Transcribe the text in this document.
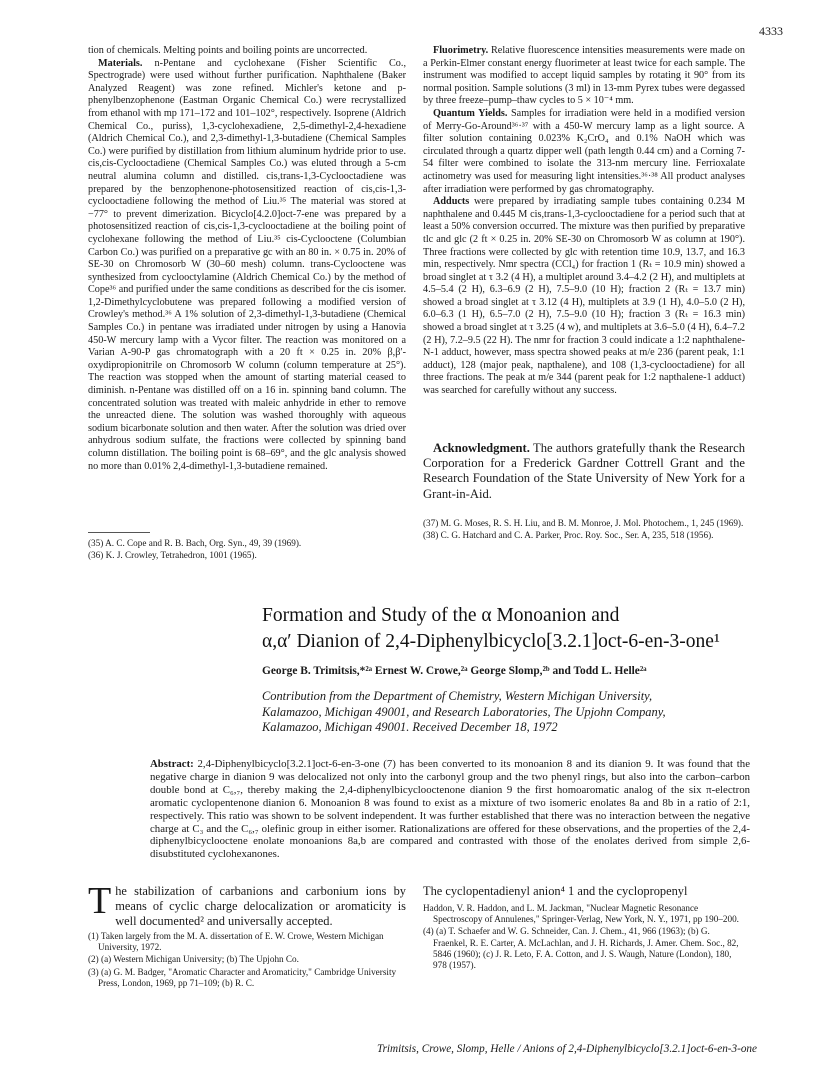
4333

tion of chemicals. Melting points and boiling points are uncorrected.

Materials. n-Pentane and cyclohexane (Fisher Scientific Co., Spectrograde) were used without further purification. Naphthalene (Baker Analyzed Reagent) was zone refined. Michler's ketone and p-phenylbenzophenone (Eastman Organic Chemical Co.) were recrystallized from ethanol with mp 171–172 and 101–102°, respectively. Isoprene (Aldrich Chemical Co., puriss), 1,3-cyclohexadiene, 2,5-dimethyl-2,4-hexadiene (Aldrich Chemical Co.), and 2,3-dimethyl-1,3-butadiene (Chemical Samples Co.) were purified by distillation from lithium aluminum hydride prior to use. cis,cis-Cyclooctadiene (Chemical Samples Co.) was eluted through a 5-cm neutral alumina column and distilled. cis,trans-1,3-Cyclooctadiene was prepared by the benzophenone-photosensitized reaction of cis,cis-1,3-cyclooctadiene following the method of Liu.³⁵ The material was stored at −77° to prevent dimerization. Bicyclo[4.2.0]oct-7-ene was prepared by a photosensitized reaction of cis,cis-1,3-cyclooctadiene at the boiling point of cyclohexane following the method of Liu.³⁵ cis-Cyclooctene (Columbian Carbon Co.) was purified on a preparative gc with an 80 in. × 0.75 in. 20% of SE-30 on Chromosorb W (30–60 mesh) column. trans-Cyclooctene was synthesized from cyclooctylamine (Aldrich Chemical Co.) by the method of Cope³⁶ and purified under the same conditions as described for the cis isomer. 1,2-Dimethylcyclobutene was prepared following a modified version of Crowley's method.³⁶ A 1% solution of 2,3-dimethyl-1,3-butadiene (Chemical Samples Co.) in pentane was irradiated under nitrogen by using a Hanovia 450-W mercury lamp with a Vycor filter. The reaction was monitored on a Varian A-90-P gas chromatograph with a 20 ft × 0.25 in. 20% β,β′-oxydipropionitrile on Chromosorb W column (column temperature at 25°). The reaction was stopped when the amount of starting material ceased to diminish. n-Pentane was distilled off on a 16 in. spinning band column. The concentrated solution was treated with maleic anhydride in ether to remove the unreacted diene. The solution was washed thoroughly with aqueous sodium bicarbonate solution and then water. After the solution was dried over anhydrous sodium sulfate, the fractions were collected by spinning band column distillation. The boiling point is 68–69°, and the glc analysis showed no more than 0.01% 2,4-dimethyl-1,3-butadiene remained.

(35) A. C. Cope and R. B. Bach, Org. Syn., 49, 39 (1969).
(36) K. J. Crowley, Tetrahedron, 1001 (1965).

Fluorimetry. Relative fluorescence intensities measurements were made on a Perkin-Elmer constant energy fluorimeter at least twice for each sample. The instrument was modified to accept liquid samples by rotating it 90° from its normal position. Sample solutions (3 ml) in 13-mm Pyrex tubes were degassed by three freeze–pump–thaw cycles to 5 × 10⁻⁴ mm.

Quantum Yields. Samples for irradiation were held in a modified version of Merry-Go-Around³⁶·³⁷ with a 450-W mercury lamp as a light source. A filter solution containing 0.023% K₂CrO₄ and 0.1% NaOH which was circulated through a quartz dipper well (path length 0.44 cm) and a Corning 7-54 filter were combined to isolate the 313-nm mercury line. Ferrioxalate actinometry was used for measuring light intensities.³⁶·³⁸ All product analyses after irradiation were performed by gas chromatography.

Adducts were prepared by irradiating sample tubes containing 0.234 M naphthalene and 0.445 M cis,trans-1,3-cyclooctadiene for a period such that at least a 50% conversion occurred. The mixture was then purified by preparative tlc and glc (2 ft × 0.25 in. 20% SE-30 on Chromosorb W as column at 190°). Three fractions were collected by glc with retention time 10.9, 13.7, and 16.3 min, respectively. Nmr spectra (CCl₄) for fraction 1 (Rₜ = 10.9 min) showed a broad singlet at τ 3.2 (4 H), a multiplet around 3.4–4.2 (2 H), and multiplets at 4.5–5.4 (2 H), 6.3–6.9 (2 H), 7.5–9.0 (10 H); fraction 2 (Rₜ = 13.7 min) showed a broad singlet at τ 3.12 (4 H), multiplets at 3.9 (1 H), 4.0–5.0 (2 H), 6.0–6.3 (1 H), 6.5–7.0 (2 H), 7.5–9.0 (10 H); fraction 3 (Rₜ = 16.3 min) showed a broad singlet at τ 3.25 (4 w), and multiplets at 3.6–5.0 (4 H), 6.4–7.2 (2 H), 7.2–9.5 (22 H). The nmr for fraction 3 could indicate a 1:2 naphthalene-N-1 adduct, however, mass spectra showed peaks at m/e 236 (parent peak, 1:1 adduct), 128 (major peak, napthalene), and 108 (1,3-cyclooctadiene) for all three fractions. The peak at m/e 344 (parent peak for 1:2 napthalene-1 adduct) was searched for carefully without any success.

Acknowledgment. The authors gratefully thank the Research Corporation for a Frederick Gardner Cottrell Grant and the Research Foundation of the State University of New York for a Grant-in-Aid.

(37) M. G. Moses, R. S. H. Liu, and B. M. Monroe, J. Mol. Photochem., 1, 245 (1969).
(38) C. G. Hatchard and C. A. Parker, Proc. Roy. Soc., Ser. A, 235, 518 (1956).
Formation and Study of the α Monoanion and
α,α′ Dianion of 2,4-Diphenylbicyclo[3.2.1]oct-6-en-3-one¹
George B. Trimitsis,*²ᵃ Ernest W. Crowe,²ᵃ George Slomp,²ᵇ and Todd L. Helle²ᵃ
Contribution from the Department of Chemistry, Western Michigan University,
Kalamazoo, Michigan 49001, and Research Laboratories, The Upjohn Company,
Kalamazoo, Michigan 49001. Received December 18, 1972
Abstract: 2,4-Diphenylbicyclo[3.2.1]oct-6-en-3-one (7) has been converted to its monoanion 8 and its dianion 9. It was found that the negative charge in dianion 9 was delocalized not only into the carbonyl group and the two phenyl rings, but also into the carbon–carbon double bond at C₆,₇, thereby making the 2,4-diphenylbicyclooctenone dianion 9 the first homoaromatic analog of the six π-electron aromatic cyclopentenone dianion 6. Monoanion 8 was found to exist as a mixture of two isomeric enolates 8a and 8b in a ratio of 2:1, respectively. This ratio was shown to be solvent independent. It was further established that there was no interaction between the negative charge at C₃ and the C₆,₇ olefinic group in either isomer. Rationalizations are offered for these observations, and the properties of the 2,4-diphenylbicyclooctene enolate monoanions 8a,b are compared and contrasted with those of the enolates derived from simple 2,6-disubstituted cyclohexanones.
The stabilization of carbanions and carbonium ions by means of cyclic charge delocalization or aromaticity is well documented² and universally accepted.
(1) Taken largely from the M. A. dissertation of E. W. Crowe, Western Michigan University, 1972.
(2) (a) Western Michigan University; (b) The Upjohn Co.
(3) (a) G. M. Badger, "Aromatic Character and Aromaticity," Cambridge University Press, London, 1969, pp 71–109; (b) R. C.
The cyclopentadienyl anion⁴ 1 and the cyclopropenyl
Haddon, V. R. Haddon, and L. M. Jackman, "Nuclear Magnetic Resonance Spectroscopy of Annulenes," Springer-Verlag, New York, N. Y., 1971, pp 190–200.
(4) (a) T. Schaefer and W. G. Schneider, Can. J. Chem., 41, 966 (1963); (b) G. Fraenkel, R. E. Carter, A. McLachlan, and J. H. Richards, J. Amer. Chem. Soc., 82, 5846 (1960); (c) J. R. Leto, F. A. Cotton, and J. S. Waugh, Nature (London), 180, 978 (1957).
Trimitsis, Crowe, Slomp, Helle / Anions of 2,4-Diphenylbicyclo[3.2.1]oct-6-en-3-one
